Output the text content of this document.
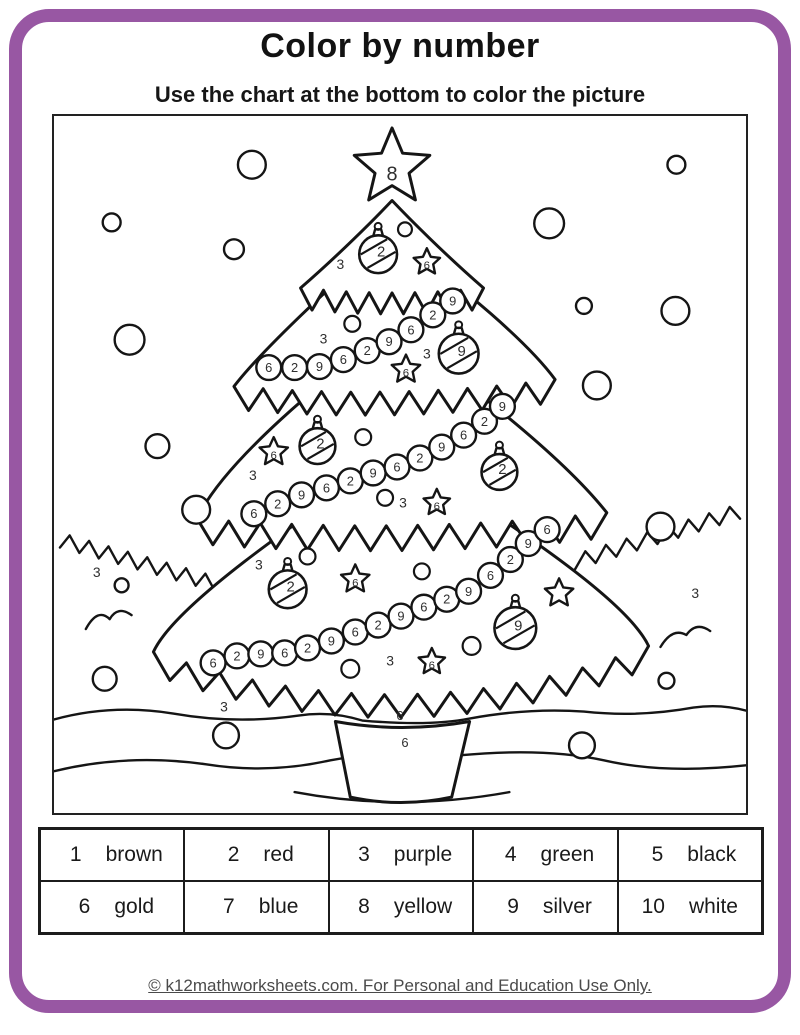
Color by number
Use the chart at the bottom to color the picture
8
6 2 9 6
2
9
6
2
9
6
2
9 6 2
9 6
2
9
6
2
9
6 2 9 6 2 9
6 2
9
6
2
9
6
2
9
6
2
9
2
2
2
9
6
6
6
6
6
6
3
3
3
3
3
3
3
3
3
3
6
6
1 brown	2 red	3 purple	4 green	5 black
6 gold	7 blue	8 yellow	9 silver 10 white
© k12mathworksheets.com. For Personal and Education Use Only.
